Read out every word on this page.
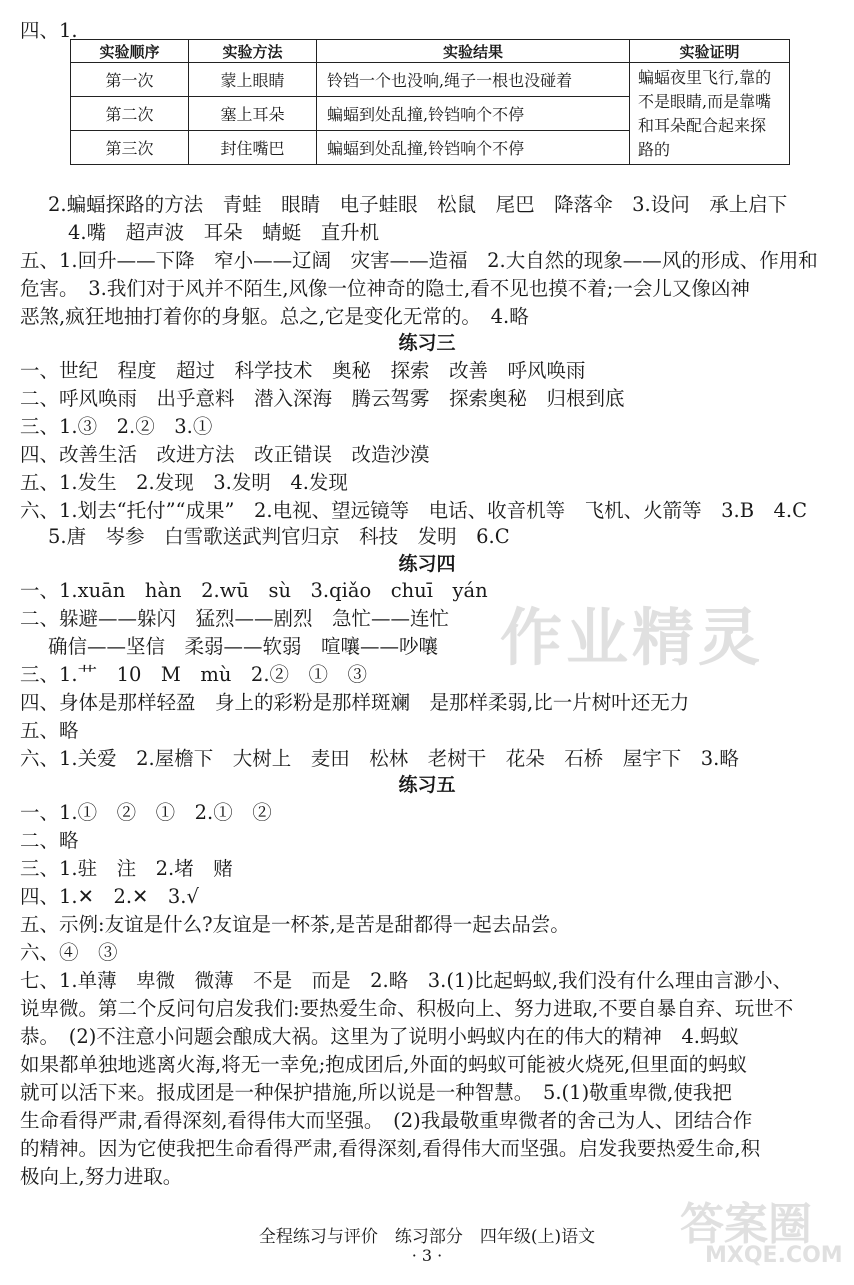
四、1.
实验顺序	实验方法	实验结果	实验证明
第一次	蒙上眼睛	铃铛一个也没响,绳子一根也没碰着	蝙蝠夜里飞行,靠的不是眼睛,而是靠嘴和耳朵配合起来探路的
第二次	塞上耳朵	蝙蝠到处乱撞,铃铛响个不停	
第三次	封住嘴巴	蝙蝠到处乱撞,铃铛响个不停	
2.蝙蝠探路的方法　青蛙　眼睛　电子蛙眼　松鼠　尾巴　降落伞　3.设问　承上启下
4.嘴　超声波　耳朵　蜻蜓　直升机
五、1.回升——下降　窄小——辽阔　灾害——造福　2.大自然的现象——风的形成、作用和
危害。　3.我们对于风并不陌生,风像一位神奇的隐士,看不见也摸不着;一会儿又像凶神
恶煞,疯狂地抽打着你的身躯。总之,它是变化无常的。　4.略
练习三
一、世纪　程度　超过　科学技术　奥秘　探索　改善　呼风唤雨
二、呼风唤雨　出乎意料　潜入深海　腾云驾雾　探索奥秘　归根到底
三、1.③　2.②　3.①
四、改善生活　改进方法　改正错误　改造沙漠
五、1.发生　2.发现　3.发明　4.发现
六、1.划去“托付”“成果”　2.电视、望远镜等　电话、收音机等　飞机、火箭等　3.B　4.C
5.唐　岑参　白雪歌送武判官归京　科技　发明　6.C
练习四
一、1.xuān　hàn　2.wū　sù　3.qiǎo　chuī　yán
二、躲避——躲闪　猛烈——剧烈　急忙——连忙
确信——坚信　柔弱——软弱　喧嚷——吵嚷
三、1.艹　10　M　mù　2.②　①　③
四、身体是那样轻盈　身上的彩粉是那样斑斓　是那样柔弱,比一片树叶还无力
五、略
六、1.关爱　2.屋檐下　大树上　麦田　松林　老树干　花朵　石桥　屋宇下　3.略
练习五
一、1.①　②　①　2.①　②
二、略
三、1.驻　注　2.堵　赌
四、1.✕　2.✕　3.√
五、示例:友谊是什么?友谊是一杯茶,是苦是甜都得一起去品尝。
六、④　③
七、1.单薄　卑微　微薄　不是　而是　2.略　3.(1)比起蚂蚁,我们没有什么理由言渺小、
说卑微。第二个反问句启发我们:要热爱生命、积极向上、努力进取,不要自暴自弃、玩世不
恭。　(2)不注意小问题会酿成大祸。这里为了说明小蚂蚁内在的伟大的精神　4.蚂蚁
如果都单独地逃离火海,将无一幸免;抱成团后,外面的蚂蚁可能被火烧死,但里面的蚂蚁
就可以活下来。报成团是一种保护措施,所以说是一种智慧。　5.(1)敬重卑微,使我把
生命看得严肃,看得深刻,看得伟大而坚强。　(2)我最敬重卑微者的舍己为人、团结合作
的精神。因为它使我把生命看得严肃,看得深刻,看得伟大而坚强。启发我要热爱生命,积
极向上,努力进取。
全程练习与评价　练习部分　四年级(上)语文
· 3 ·
作业精灵
答案圈
MXQE.COM
